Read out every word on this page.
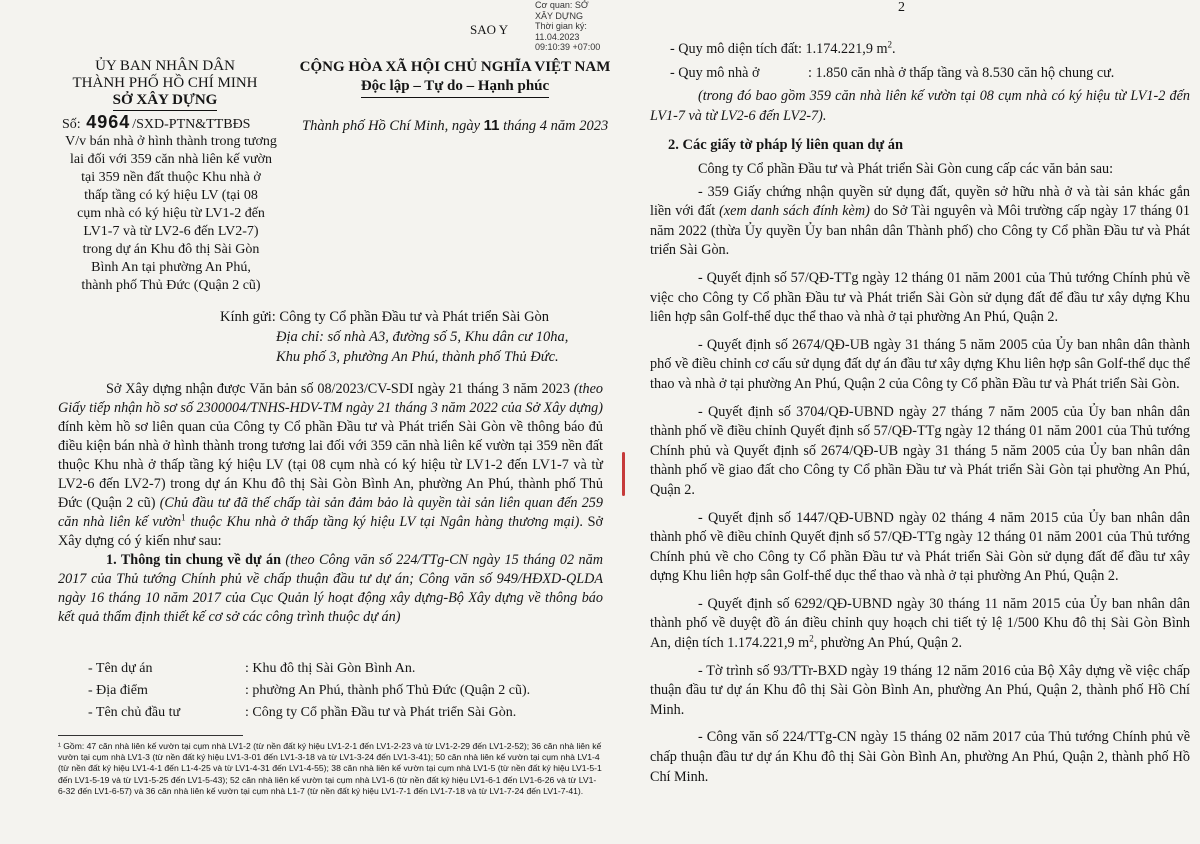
Cơ quan: SỞ
XÂY DỰNG
Thời gian ký:
11.04.2023
09:10:39 +07:00
SAO Y
ỦY BAN NHÂN DÂN
THÀNH PHỐ HỒ CHÍ MINH
SỞ XÂY DỰNG
CỘNG HÒA XÃ HỘI CHỦ NGHĨA VIỆT NAM
Độc lập – Tự do – Hạnh phúc
Số: 4964 /SXD-PTN&TTBĐS	Thành phố Hồ Chí Minh, ngày 11 tháng 4 năm 2023
V/v bán nhà ở hình thành trong tương
lai đối với 359 căn nhà liên kế vườn
tại 359 nền đất thuộc Khu nhà ở
thấp tầng có ký hiệu LV (tại 08
cụm nhà có ký hiệu từ LV1-2 đến
LV1-7 và từ LV2-6 đến LV2-7)
trong dự án Khu đô thị Sài Gòn
Bình An tại phường An Phú,
thành phố Thủ Đức (Quận 2 cũ)
Kính gửi: Công ty Cổ phần Đầu tư và Phát triển Sài Gòn
Địa chỉ: số nhà A3, đường số 5, Khu dân cư 10ha,
Khu phố 3, phường An Phú, thành phố Thủ Đức.

Sở Xây dựng nhận được Văn bản số 08/2023/CV-SDI ngày 21 tháng 3 năm 2023 (theo Giấy tiếp nhận hồ sơ số 2300004/TNHS-HDV-TM ngày 21 tháng 3 năm 2022 của Sở Xây dựng) đính kèm hồ sơ liên quan của Công ty Cổ phần Đầu tư và Phát triển Sài Gòn về thông báo đủ điều kiện bán nhà ở hình thành trong tương lai đối với 359 căn nhà liên kế vườn tại 359 nền đất thuộc Khu nhà ở thấp tầng ký hiệu LV (tại 08 cụm nhà có ký hiệu từ LV1-2 đến LV1-7 và từ LV2-6 đến LV2-7) trong dự án Khu đô thị Sài Gòn Bình An, phường An Phú, thành phố Thủ Đức (Quận 2 cũ) (Chủ đầu tư đã thế chấp tài sản đảm bảo là quyền tài sản liên quan đến 259 căn nhà liên kế vườn$^1$ thuộc Khu nhà ở thấp tầng ký hiệu LV tại Ngân hàng thương mại). Sở Xây dựng có ý kiến như sau:

1. Thông tin chung về dự án (theo Công văn số 224/TTg-CN ngày 15 tháng 02 năm 2017 của Thủ tướng Chính phủ về chấp thuận đầu tư dự án; Công văn số 949/HĐXD-QLDA ngày 16 tháng 10 năm 2017 của Cục Quản lý hoạt động xây dựng-Bộ Xây dựng về thông báo kết quả thẩm định thiết kế cơ sở các công trình thuộc dự án)

- Tên dự án	: Khu đô thị Sài Gòn Bình An.
- Địa điểm	: phường An Phú, thành phố Thủ Đức (Quận 2 cũ).
- Tên chủ đầu tư	: Công ty Cổ phần Đầu tư và Phát triển Sài Gòn.
¹ Gồm: 47 căn nhà liên kế vườn tại cụm nhà LV1-2 (từ nền đất ký hiệu LV1-2-1 đến LV1-2-23 và từ LV1-2-29 đến LV1-2-52); 36 căn nhà liên kế vườn tại cụm nhà LV1-3 (từ nền đất ký hiệu LV1-3-01 đến LV1-3-18 và từ LV1-3-24 đến LV1-3-41); 50 căn nhà liên kế vườn tại cụm nhà LV1-4 (từ nền đất ký hiệu LV1-4-1 đến L1-4-25 và từ LV1-4-31 đến LV1-4-55); 38 căn nhà liên kế vườn tại cụm nhà LV1-5 (từ nền đất ký hiệu LV1-5-1 đến LV1-5-19 và từ LV1-5-25 đến LV1-5-43); 52 căn nhà liên kế vườn tại cụm nhà LV1-6 (từ nền đất ký hiệu LV1-6-1 đến LV1-6-26 và từ LV1-6-32 đến LV1-6-57) và 36 căn nhà liên kế vườn tại cụm nhà L1-7 (từ nền đất ký hiệu LV1-7-1 đến LV1-7-18 và từ LV1-7-24 đến LV1-7-41).
2
- Quy mô diện tích đất: 1.174.221,9 $m^2$.
- Quy mô nhà ở	: 1.850 căn nhà ở thấp tầng và 8.530 căn hộ chung cư.

(trong đó bao gồm 359 căn nhà liên kế vườn tại 08 cụm nhà có ký hiệu từ LV1-2 đến LV1-7 và từ LV2-6 đến LV2-7).

2. Các giấy tờ pháp lý liên quan dự án

Công ty Cổ phần Đầu tư và Phát triển Sài Gòn cung cấp các văn bản sau:

- 359 Giấy chứng nhận quyền sử dụng đất, quyền sở hữu nhà ở và tài sản khác gắn liền với đất (xem danh sách đính kèm) do Sở Tài nguyên và Môi trường cấp ngày 17 tháng 01 năm 2022 (thừa Ủy quyền Ủy ban nhân dân Thành phố) cho Công ty Cổ phần Đầu tư và Phát triển Sài Gòn.

- Quyết định số 57/QĐ-TTg ngày 12 tháng 01 năm 2001 của Thủ tướng Chính phủ về việc cho Công ty Cổ phần Đầu tư và Phát triển Sài Gòn sử dụng đất để đầu tư xây dựng Khu liên hợp sân Golf-thể dục thể thao và nhà ở tại phường An Phú, Quận 2.

- Quyết định số 2674/QĐ-UB ngày 31 tháng 5 năm 2005 của Ủy ban nhân dân thành phố về điều chỉnh cơ cấu sử dụng đất dự án đầu tư xây dựng Khu liên hợp sân Golf-thể dục thể thao và nhà ở tại phường An Phú, Quận 2 của Công ty Cổ phần Đầu tư và Phát triển Sài Gòn.

- Quyết định số 3704/QĐ-UBND ngày 27 tháng 7 năm 2005 của Ủy ban nhân dân thành phố về điều chỉnh Quyết định số 57/QĐ-TTg ngày 12 tháng 01 năm 2001 của Thủ tướng Chính phủ và Quyết định số 2674/QĐ-UB ngày 31 tháng 5 năm 2005 của Ủy ban nhân dân thành phố về giao đất cho Công ty Cổ phần Đầu tư và Phát triển Sài Gòn tại phường An Phú, Quận 2.

- Quyết định số 1447/QĐ-UBND ngày 02 tháng 4 năm 2015 của Ủy ban nhân dân thành phố về điều chỉnh Quyết định số 57/QĐ-TTg ngày 12 tháng 01 năm 2001 của Thủ tướng Chính phủ về cho Công ty Cổ phần Đầu tư và Phát triển Sài Gòn sử dụng đất để đầu tư xây dựng Khu liên hợp sân Golf-thể dục thể thao và nhà ở tại phường An Phú, Quận 2.

- Quyết định số 6292/QĐ-UBND ngày 30 tháng 11 năm 2015 của Ủy ban nhân dân thành phố về duyệt đồ án điều chỉnh quy hoạch chi tiết tỷ lệ 1/500 Khu đô thị Sài Gòn Bình An, diện tích 1.174.221,9 $m^2$, phường An Phú, Quận 2.

- Tờ trình số 93/TTr-BXD ngày 19 tháng 12 năm 2016 của Bộ Xây dựng về việc chấp thuận đầu tư dự án Khu đô thị Sài Gòn Bình An, phường An Phú, Quận 2, thành phố Hồ Chí Minh.

- Công văn số 224/TTg-CN ngày 15 tháng 02 năm 2017 của Thủ tướng Chính phủ về chấp thuận đầu tư dự án Khu đô thị Sài Gòn Bình An, phường An Phú, Quận 2, thành phố Hồ Chí Minh.
